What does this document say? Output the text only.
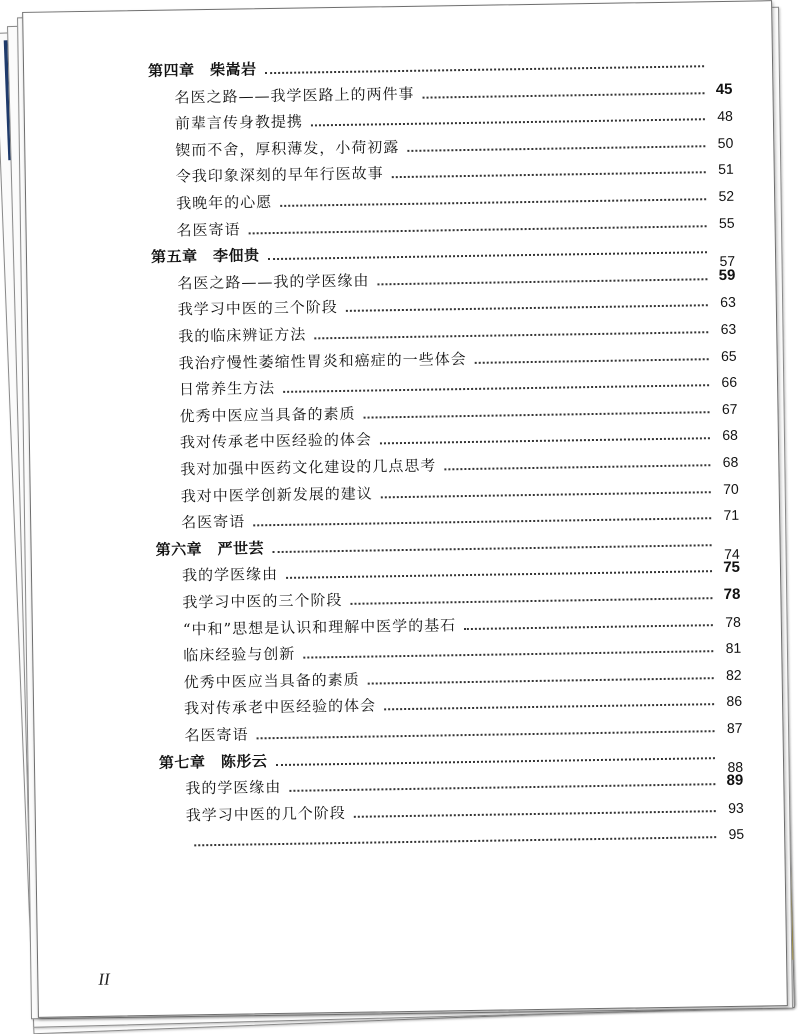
第四章　柴嵩岩
名医之路——我学医路上的两件事	45
前辈言传身教提携	48
锲而不舍，厚积薄发，小荷初露	50
令我印象深刻的早年行医故事	51
我晚年的心愿	52
名医寄语	55
第五章　李佃贵	57
名医之路——我的学医缘由	59
我学习中医的三个阶段	63
我的临床辨证方法	63
我治疗慢性萎缩性胃炎和癌症的一些体会	65
日常养生方法	66
优秀中医应当具备的素质	67
我对传承老中医经验的体会	68
我对加强中医药文化建设的几点思考	68
我对中医学创新发展的建议	70
名医寄语	71
第六章　严世芸	74
我的学医缘由	75
我学习中医的三个阶段	78
“中和”思想是认识和理解中医学的基石	78
临床经验与创新	81
优秀中医应当具备的素质	82
我对传承老中医经验的体会	86
名医寄语	87
第七章　陈彤云	88
我的学医缘由	89
我学习中医的几个阶段	93
95
II
